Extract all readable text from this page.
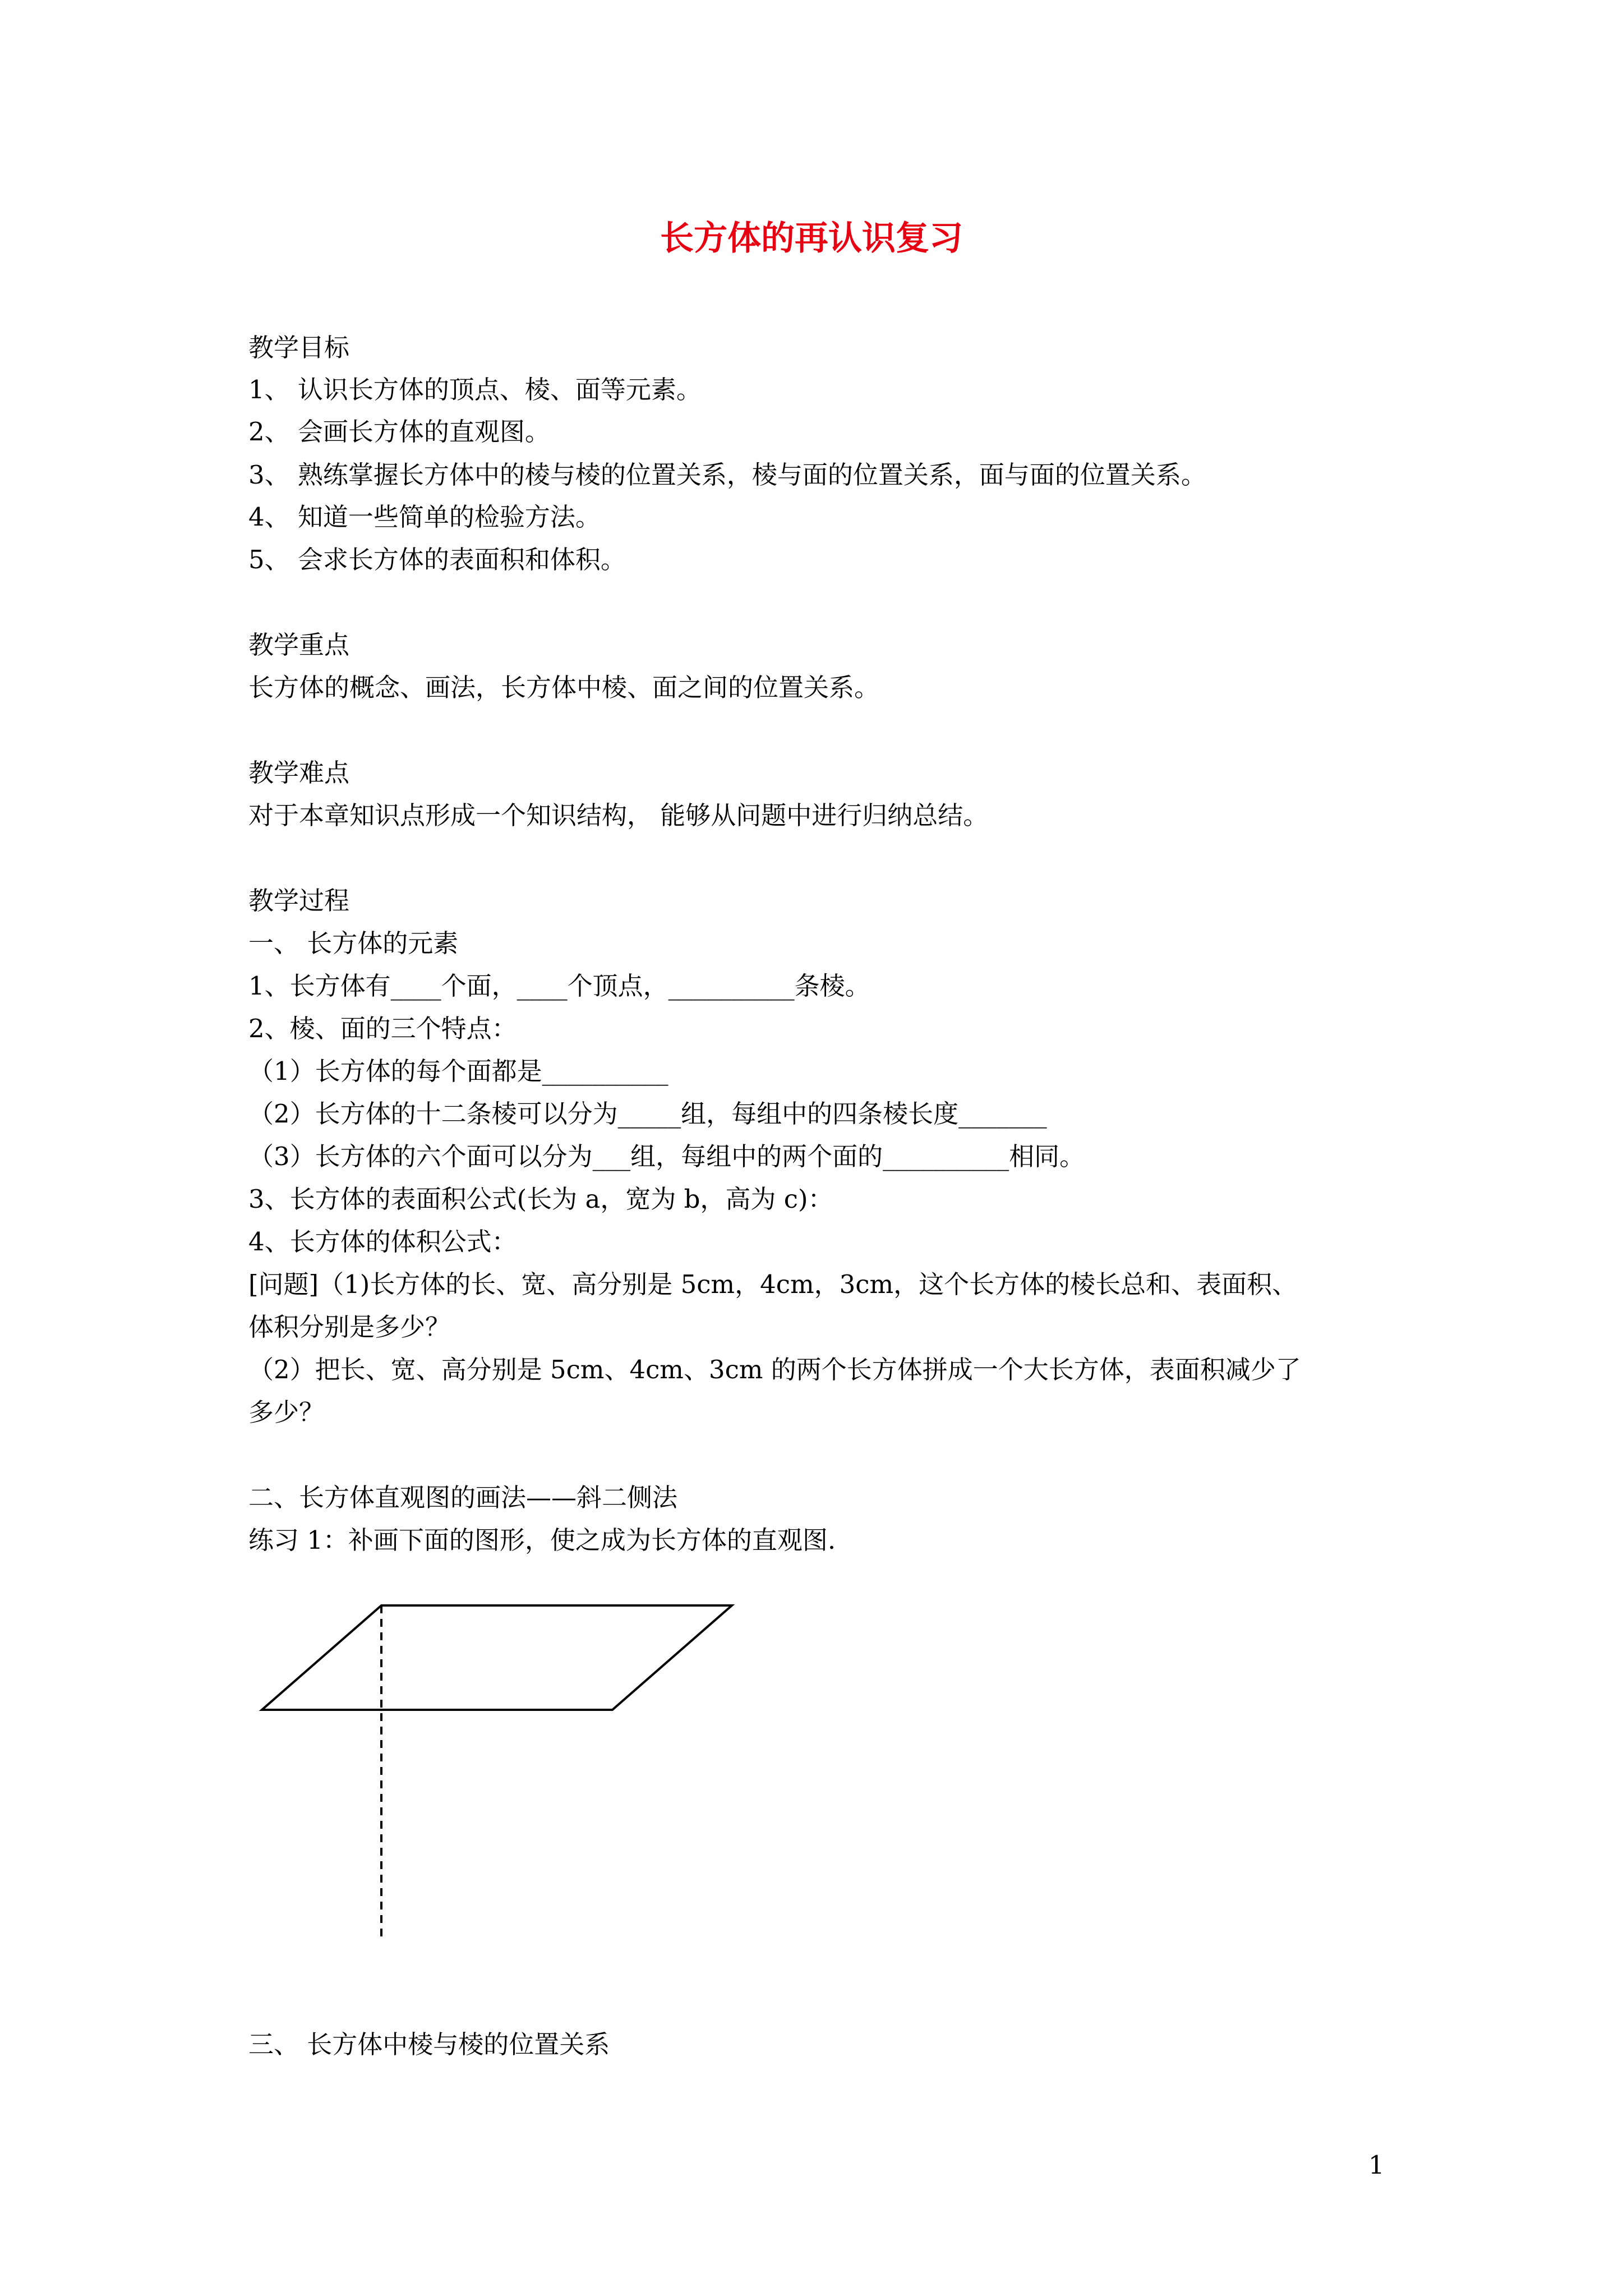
长方体的再认识复习
教学目标
1、 认识长方体的顶点、棱、面等元素。
2、 会画长方体的直观图。
3、 熟练掌握长方体中的棱与棱的位置关系，棱与面的位置关系，面与面的位置关系。
4、 知道一些简单的检验方法。
5、 会求长方体的表面积和体积。
教学重点
长方体的概念、画法，长方体中棱、面之间的位置关系。
教学难点
对于本章知识点形成一个知识结构， 能够从问题中进行归纳总结。
教学过程
一、 长方体的元素
1、长方体有____个面，____个顶点，__________条棱。
2、棱、面的三个特点：
（1）长方体的每个面都是__________
（2）长方体的十二条棱可以分为_____组，每组中的四条棱长度_______
（3）长方体的六个面可以分为___组，每组中的两个面的__________相同。
3、长方体的表面积公式(长为 a，宽为 b，高为 c)：
4、长方体的体积公式：
[问题]（1)长方体的长、宽、高分别是 5cm，4cm，3cm，这个长方体的棱长总和、表面积、
体积分别是多少？
（2）把长、宽、高分别是 5cm、4cm、3cm 的两个长方体拼成一个大长方体，表面积减少了
多少？
二、长方体直观图的画法——斜二侧法
练习 1：补画下面的图形，使之成为长方体的直观图.
三、 长方体中棱与棱的位置关系
1
